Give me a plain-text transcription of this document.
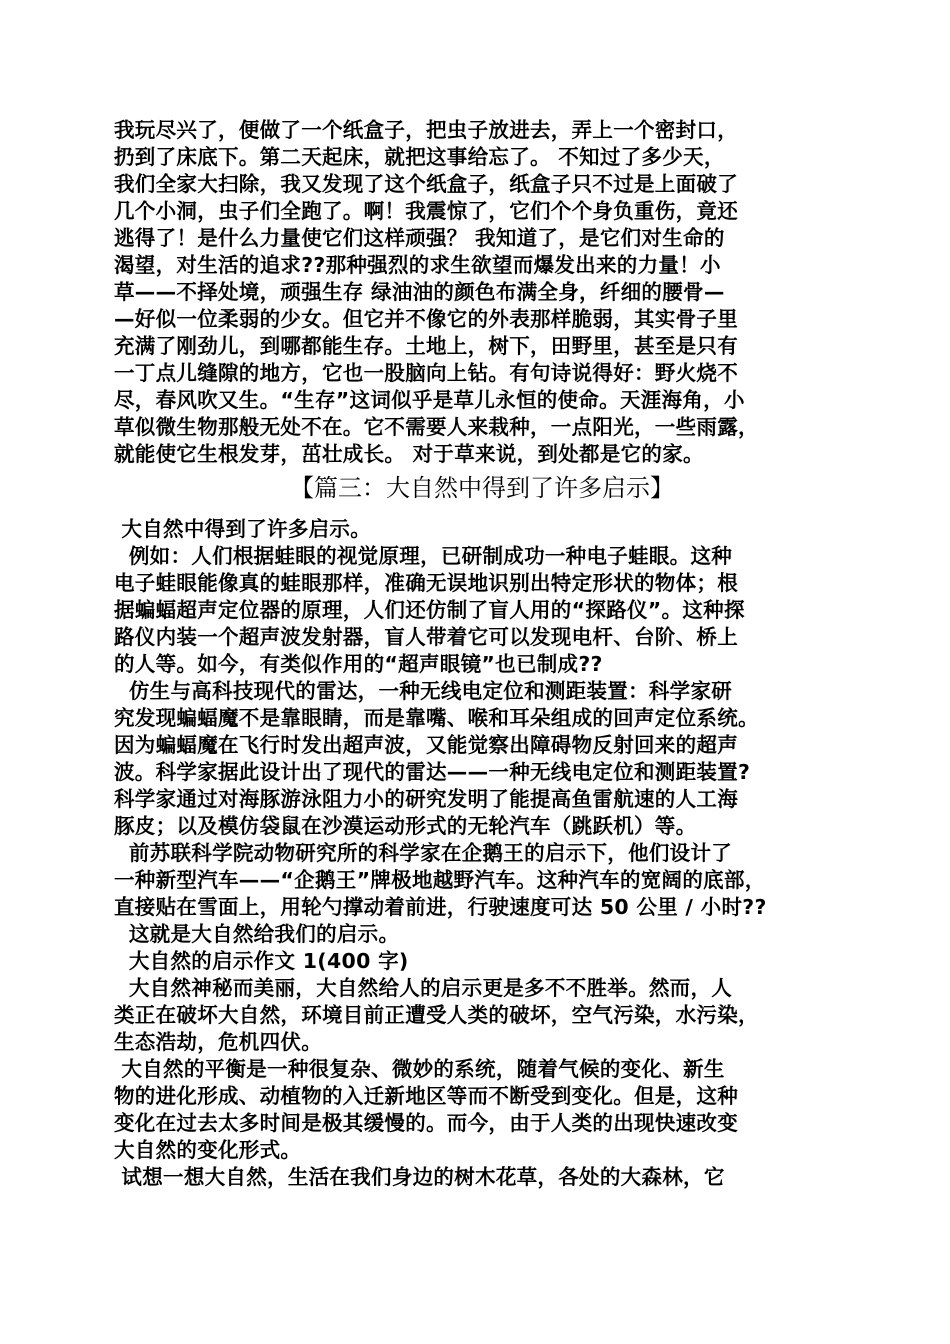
我玩尽兴了，便做了一个纸盒子，把虫子放进去，弄上一个密封口，
扔到了床底下。第二天起床，就把这事给忘了。 不知过了多少天，
我们全家大扫除，我又发现了这个纸盒子，纸盒子只不过是上面破了
几个小洞，虫子们全跑了。啊！我震惊了，它们个个身负重伤，竟还
逃得了！是什么力量使它们这样顽强？ 我知道了，是它们对生命的
渴望，对生活的追求??那种强烈的求生欲望而爆发出来的力量！小
草——不择处境，顽强生存 绿油油的颜色布满全身，纤细的腰骨—
—好似一位柔弱的少女。但它并不像它的外表那样脆弱，其实骨子里
充满了刚劲儿，到哪都能生存。土地上，树下，田野里，甚至是只有
一丁点儿缝隙的地方，它也一股脑向上钻。有句诗说得好：野火烧不
尽，春风吹又生。“生存”这词似乎是草儿永恒的使命。天涯海角，小
草似微生物那般无处不在。它不需要人来栽种，一点阳光，一些雨露，
就能使它生根发芽，茁壮成长。 对于草来说，到处都是它的家。
【篇三：大自然中得到了许多启示】
大自然中得到了许多启示。
例如：人们根据蛙眼的视觉原理，已研制成功一种电子蛙眼。这种
电子蛙眼能像真的蛙眼那样，准确无误地识别出特定形状的物体；根
据蝙蝠超声定位器的原理，人们还仿制了盲人用的“探路仪”。这种探
路仪内装一个超声波发射器，盲人带着它可以发现电杆、台阶、桥上
的人等。如今，有类似作用的“超声眼镜”也已制成??
仿生与高科技现代的雷达，一种无线电定位和测距装置：科学家研
究发现蝙蝠魔不是靠眼睛，而是靠嘴、喉和耳朵组成的回声定位系统。
因为蝙蝠魔在飞行时发出超声波，又能觉察出障碍物反射回来的超声
波。科学家据此设计出了现代的雷达——一种无线电定位和测距装置?
科学家通过对海豚游泳阻力小的研究发明了能提高鱼雷航速的人工海
豚皮；以及模仿袋鼠在沙漠运动形式的无轮汽车（跳跃机）等。
前苏联科学院动物研究所的科学家在企鹅王的启示下，他们设计了
一种新型汽车——“企鹅王”牌极地越野汽车。这种汽车的宽阔的底部，
直接贴在雪面上，用轮勺撑动着前进，行驶速度可达 50 公里 / 小时??
这就是大自然给我们的启示。
大自然的启示作文 1(400 字)
大自然神秘而美丽，大自然给人的启示更是多不不胜举。然而，人
类正在破坏大自然，环境目前正遭受人类的破坏，空气污染，水污染，
生态浩劫，危机四伏。
大自然的平衡是一种很复杂、微妙的系统，随着气候的变化、新生
物的进化形成、动植物的入迁新地区等而不断受到变化。但是，这种
变化在过去太多时间是极其缓慢的。而今，由于人类的出现快速改变
大自然的变化形式。
试想一想大自然，生活在我们身边的树木花草，各处的大森林，它
